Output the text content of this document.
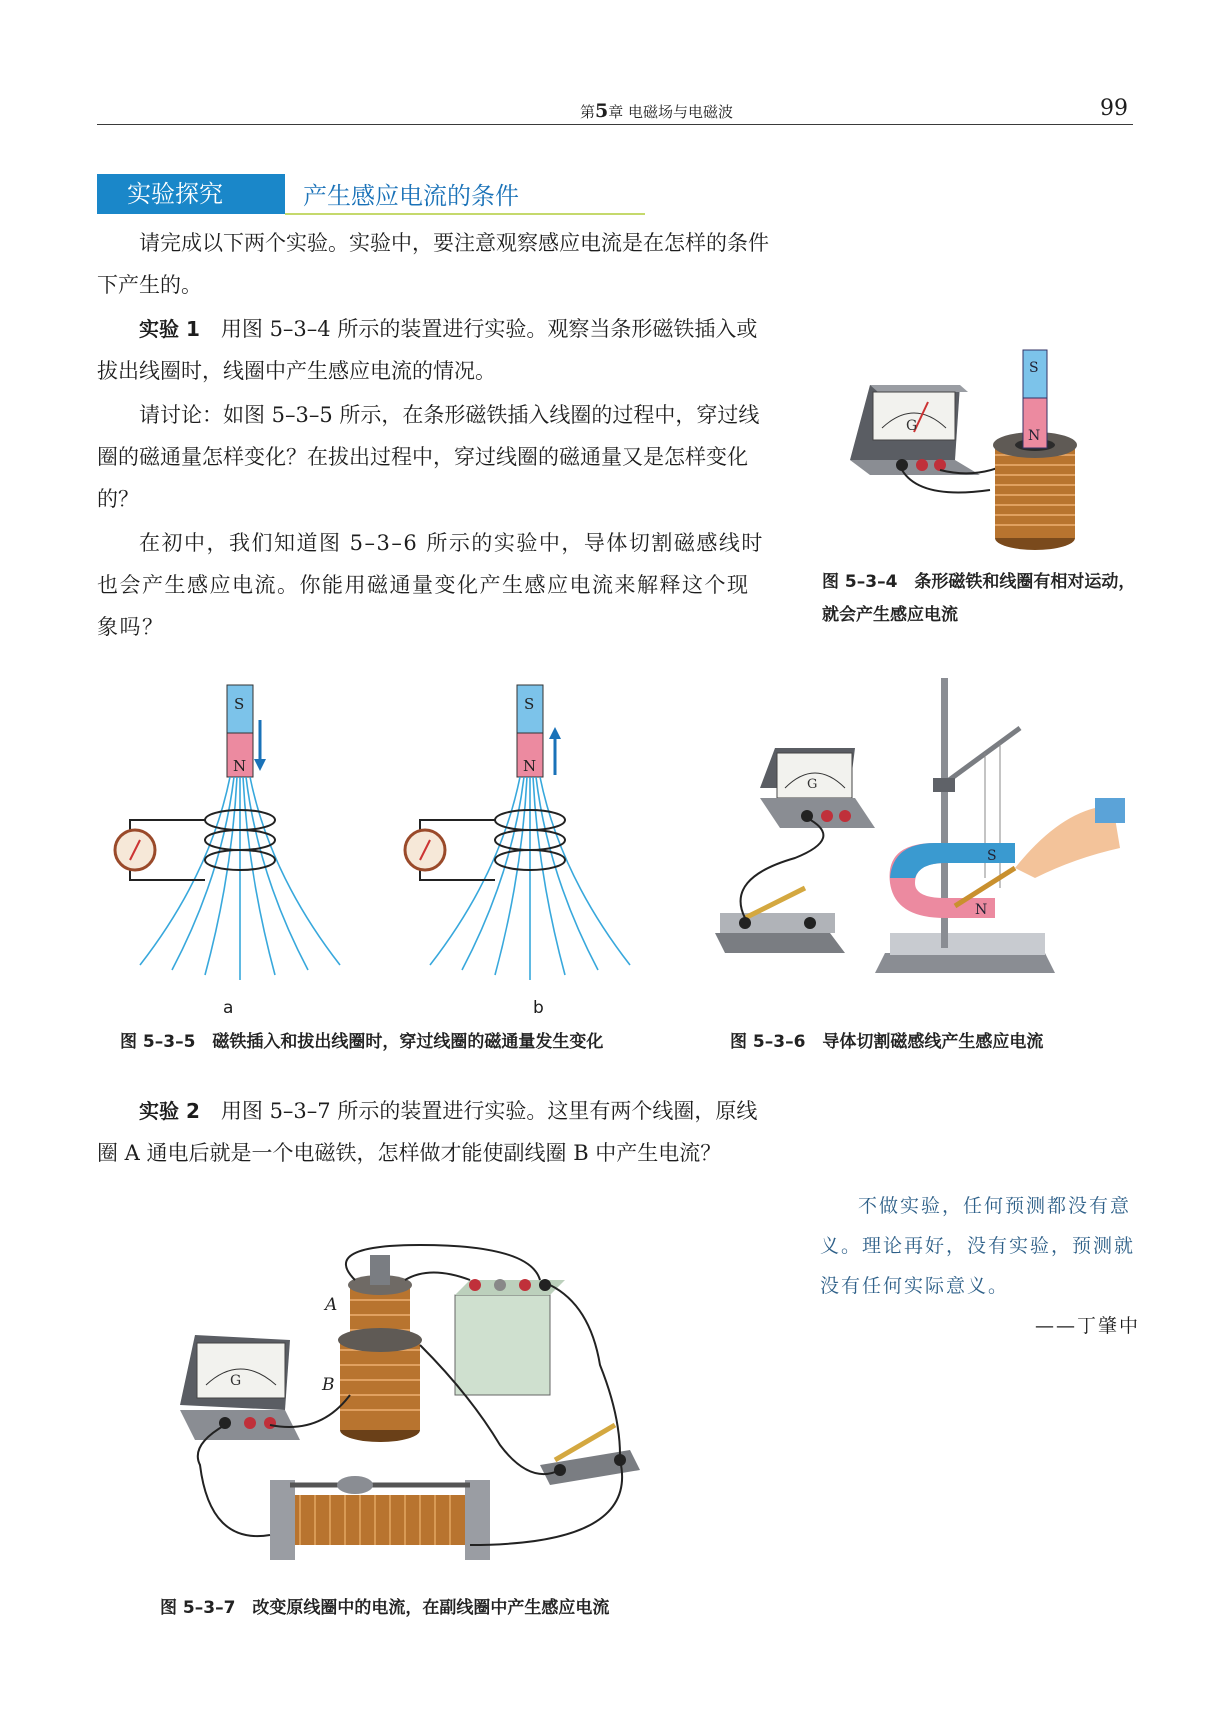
第5章 电磁场与电磁波	99
实验探究	产生感应电流的条件
请完成以下两个实验。实验中，要注意观察感应电流是在怎样的条件下产生的。
实验 1　 用图 5–3–4 所示的装置进行实验。观察当条形磁铁插入或拔出线圈时，线圈中产生感应电流的情况。
请讨论：如图 5–3–5 所示，在条形磁铁插入线圈的过程中，穿过线圈的磁通量怎样变化？在拔出过程中，穿过线圈的磁通量又是怎样变化的？
在初中，我们知道图 5–3–6 所示的实验中，导体切割磁感线时也会产生感应电流。你能用磁通量变化产生感应电流来解释这个现象吗？
实验 2　 用图 5–3–7 所示的装置进行实验。这里有两个线圈，原线圈 A 通电后就是一个电磁铁，怎样做才能使副线圈 B 中产生电流？
G
S
N
图 5–3–4　条形磁铁和线圈有相对运动，就会产生感应电流
S
N
S
N
a	b
图 5–3–5　磁铁插入和拔出线圈时，穿过线圈的磁通量发生变化
G
S
N
图 5–3–6　导体切割磁感线产生感应电流
G
A
B
图 5–3–7　改变原线圈中的电流，在副线圈中产生感应电流
不做实验，任何预测都没有意义。理论再好，没有实验，预测就没有任何实际意义。
——丁肇中
